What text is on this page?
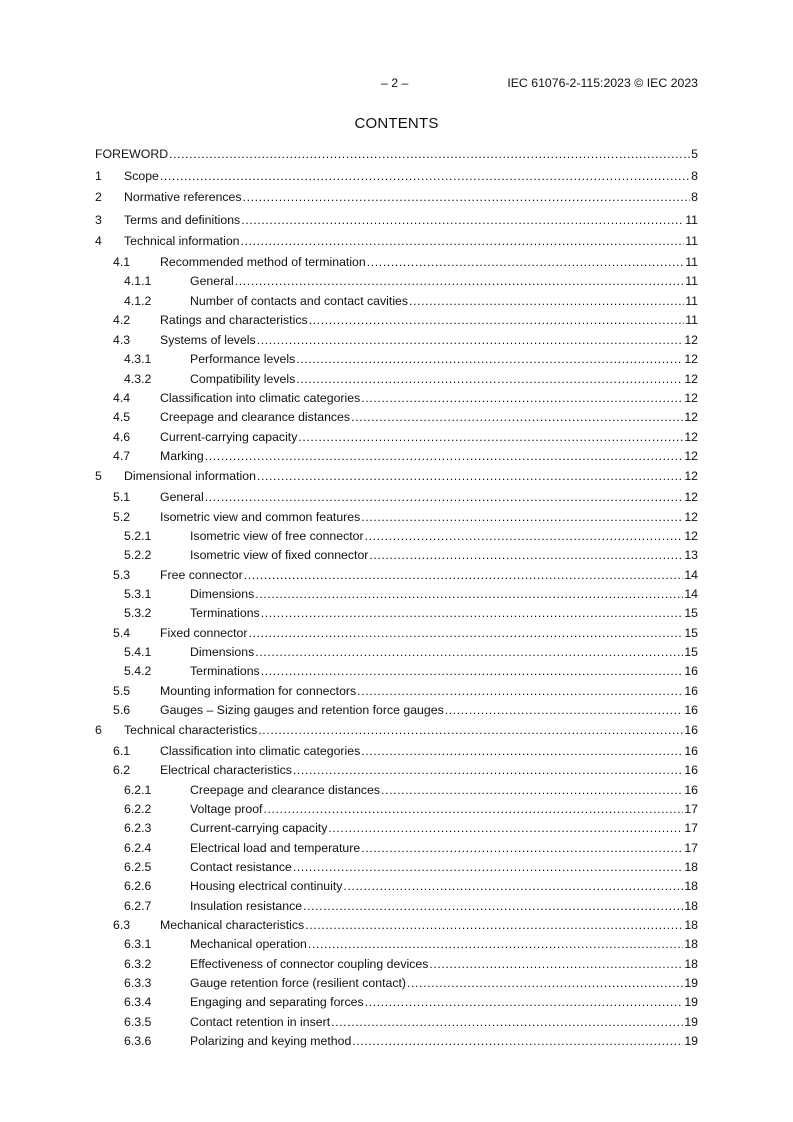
– 2 –	IEC 61076-2-115:2023 © IEC 2023
CONTENTS
FOREWORD .....	5
1 Scope .....	8
2 Normative references .....	8
3 Terms and definitions .....	11
4 Technical information .....	11
4.1 Recommended method of termination .....	11
4.1.1	General .....	11
4.1.2	Number of contacts and contact cavities .....	11
4.2 Ratings and characteristics .....	11
4.3 Systems of levels .....	12
4.3.1	Performance levels .....	12
4.3.2	Compatibility levels .....	12
4.4 Classification into climatic categories .....	12
4.5 Creepage and clearance distances .....	12
4.6 Current-carrying capacity .....	12
4.7 Marking .....	12
5 Dimensional information .....	12
5.1 General .....	12
5.2 Isometric view and common features .....	12
5.2.1	Isometric view of free connector .....	12
5.2.2	Isometric view of fixed connector .....	13
5.3 Free connector .....	14
5.3.1	Dimensions .....	14
5.3.2	Terminations .....	15
5.4 Fixed connector .....	15
5.4.1	Dimensions .....	15
5.4.2	Terminations .....	16
5.5 Mounting information for connectors .....	16
5.6 Gauges – Sizing gauges and retention force gauges .....	16
6 Technical characteristics .....	16
6.1 Classification into climatic categories .....	16
6.2 Electrical characteristics .....	16
6.2.1	Creepage and clearance distances .....	16
6.2.2	Voltage proof .....	17
6.2.3	Current-carrying capacity .....	17
6.2.4	Electrical load and temperature .....	17
6.2.5	Contact resistance .....	18
6.2.6	Housing electrical continuity .....	18
6.2.7	Insulation resistance .....	18
6.3 Mechanical characteristics .....	18
6.3.1	Mechanical operation .....	18
6.3.2	Effectiveness of connector coupling devices .....	18
6.3.3	Gauge retention force (resilient contact) .....	19
6.3.4	Engaging and separating forces .....	19
6.3.5	Contact retention in insert .....	19
6.3.6	Polarizing and keying method .....	19
